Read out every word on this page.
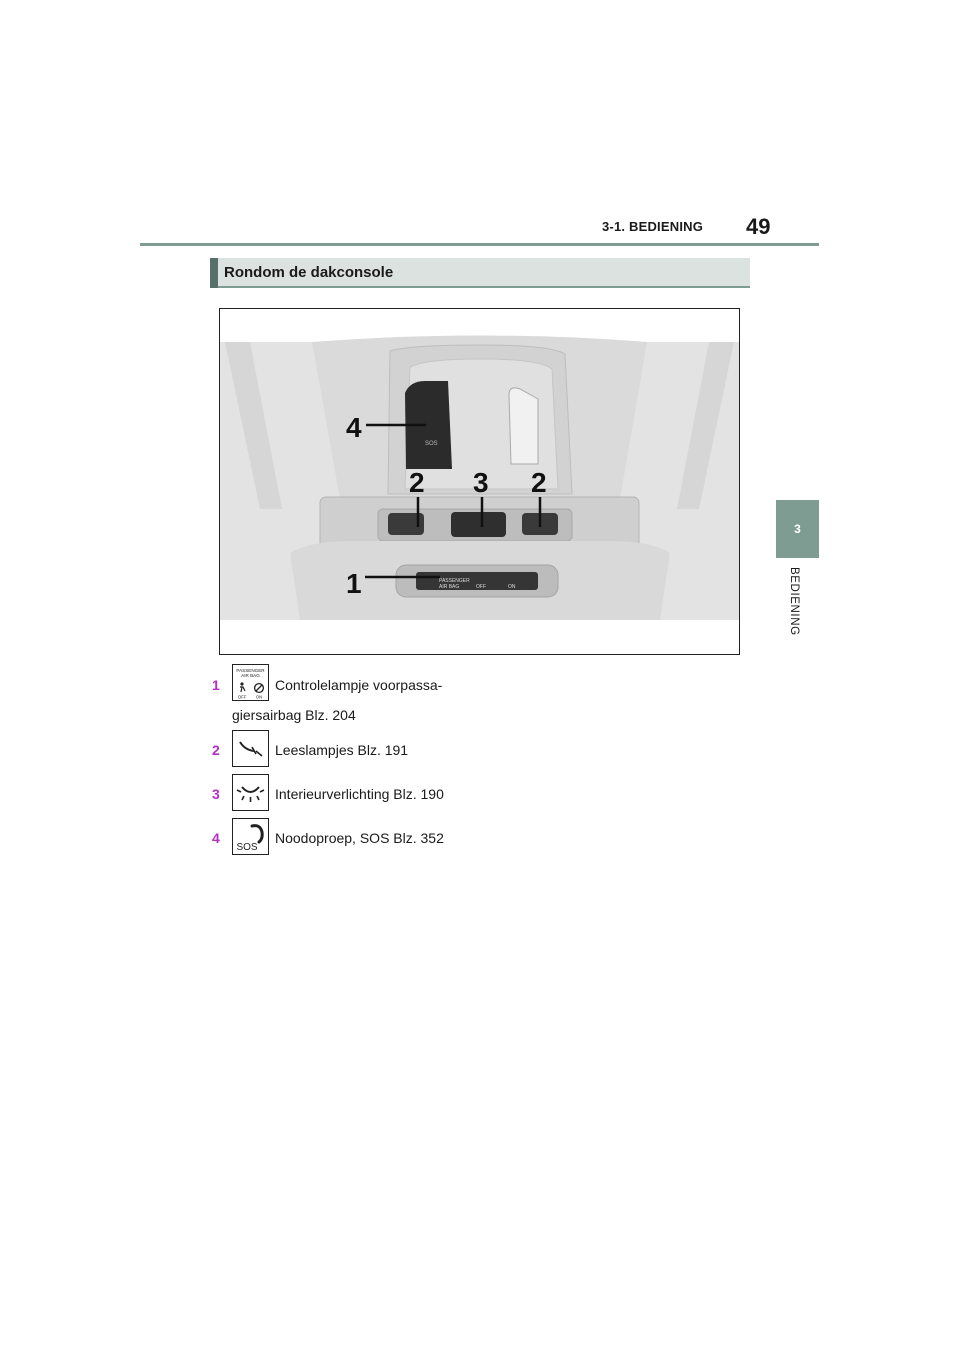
3-1. BEDIENING 49
3
BEDIENING
Rondom de dakconsole
SOS
PASSENGER
AIR BAG	OFF	ON
4
2 3 2
1
1
PASSENGER
AIR BAG
OFF ON
Controlelampje voorpassa-
giersairbag Blz. 204
2	Leeslampjes Blz. 191
3	Interieurverlichting Blz. 190
4
SOS
Noodoproep, SOS Blz. 352
